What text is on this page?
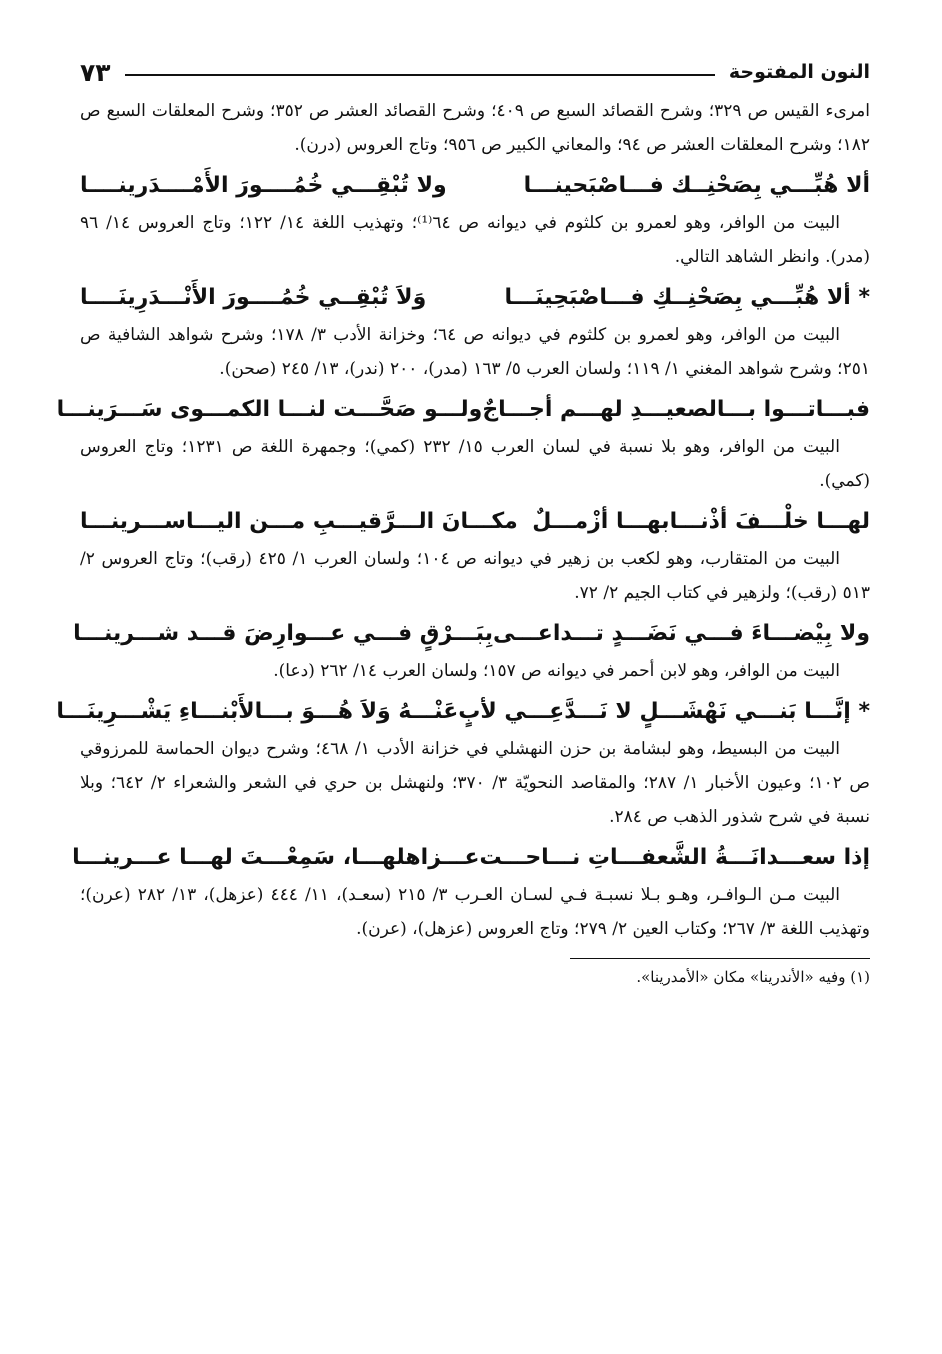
النون المفتوحة
٧٣

امرىء القيس ص ٣٢٩؛ وشرح القصائد السبع ص ٤٠٩؛ وشرح القصائد العشر ص ٣٥٢؛ وشرح المعلقات السبع ص ١٨٢؛ وشرح المعلقات العشر ص ٩٤؛ والمعاني الكبير ص ٩٥٦؛ وتاج العروس (درن).

ألا هُبِّـــي بِصَحْنِــك فـــاصْبَحينـــا
ولا تُبْقِـــي خُمُــــورَ الأَمْــــدَرينــــا

البيت من الوافر، وهو لعمرو بن كلثوم في ديوانه ص ٦٤⁽¹⁾؛ وتهذيب اللغة ١٤/ ١٢٢؛ وتاج العروس ١٤/ ٩٦ (مدر). وانظر الشاهد التالي.

* ألا هُبِّـــي بِصَحْنِــكِ فـــاصْبَحِينَـــا
وَلاَ تُبْقِــي خُمُــــورَ الأَنْـــدَرِينَــــا

البيت من الوافر، وهو لعمرو بن كلثوم في ديوانه ص ٦٤؛ وخزانة الأدب ٣/ ١٧٨؛ وشرح شواهد الشافية ص ٢٥١؛ وشرح شواهد المغني ١/ ١١٩؛ ولسان العرب ٥/ ١٦٣ (مدر)، ٢٠٠ (ندر)، ١٣/ ٢٤٥ (صحن).

فبـــاتـــوا بـــالصعيـــدِ لهـــم أجـــاجٌ
ولـــو صَحَّـــت لنـــا الكمـــوى سَـــرَينـــا

البيت من الوافر، وهو بلا نسبة في لسان العرب ١٥/ ٢٣٢ (كمي)؛ وجمهرة اللغة ص ١٢٣١؛ وتاج العروس (كمي).

لهـــا خلْـــفَ أذْنـــابهـــا أزْمـــلٌ
مكـــانَ الـــرَّقيـــبِ مـــن اليـــاســـرينـــا

البيت من المتقارب، وهو لكعب بن زهير في ديوانه ص ١٠٤؛ ولسان العرب ١/ ٤٢٥ (رقب)؛ وتاج العروس ٢/ ٥١٣ (رقب)؛ ولزهير في كتاب الجيم ٢/ ٧٢.

ولا بِيْضـــاءَ فـــي نَضَـــدٍ تـــداعـــى
بِبَـــرْقٍ فـــي عـــوارِضَ قـــد شـــرينـــا

البيت من الوافر، وهو لابن أحمر في ديوانه ص ١٥٧؛ ولسان العرب ١٤/ ٢٦٢ (دعا).

* إنَّـــا بَنـــي نَهْشَـــلٍ لا نَـــدَّعِـــي لأبٍ
عَنْـــهُ وَلاَ هُـــوَ بـــالأَبْنـــاءِ يَشْـــرِينَـــا

البيت من البسيط، وهو لبشامة بن حزن النهشلي في خزانة الأدب ١/ ٤٦٨؛ وشرح ديوان الحماسة للمرزوقي ص ١٠٢؛ وعيون الأخبار ١/ ٢٨٧؛ والمقاصد النحويّة ٣/ ٣٧٠؛ ولنهشل بن حري في الشعر والشعراء ٢/ ٦٤٢؛ وبلا نسبة في شرح شذور الذهب ص ٢٨٤.

إذا سعـــدانَـــةُ الشَّعفـــاتِ نـــاحـــت
عـــزاهلهـــا، سَمِعْـــتَ لهـــا عـــرينـــا

البيت مـن الـوافـر، وهـو بـلا نسبـة فـي لسـان العـرب ٣/ ٢١٥ (سعـد)، ١١/ ٤٤٤ (عزهل)، ١٣/ ٢٨٢ (عرن)؛ وتهذيب اللغة ٣/ ٢٦٧؛ وكتاب العين ٢/ ٢٧٩؛ وتاج العروس (عزهل)، (عرن).

(١) وفيه «الأندرينا» مكان «الأمدرينا».
